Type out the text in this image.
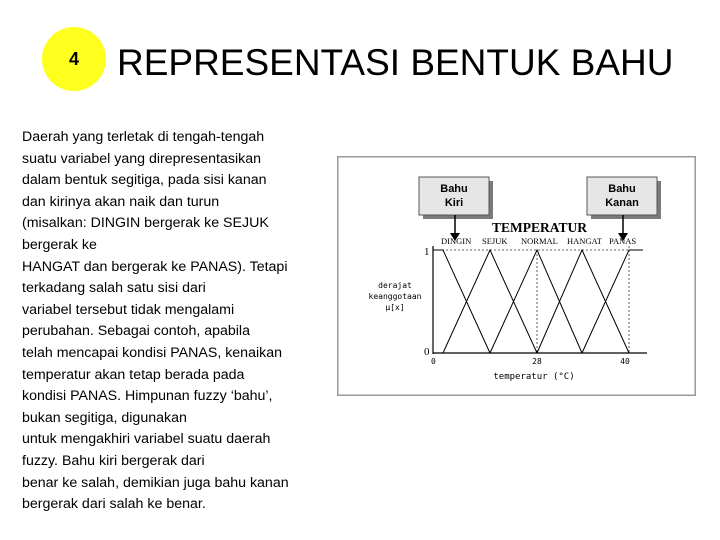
4 REPRESENTASI BENTUK BAHU
Daerah yang terletak di tengah-tengah
suatu variabel yang direpresentasikan
dalam bentuk segitiga, pada sisi kanan
dan kirinya akan naik dan turun
(misalkan: DINGIN bergerak ke SEJUK
bergerak ke
HANGAT dan bergerak ke PANAS). Tetapi
terkadang salah satu sisi dari
variabel tersebut tidak mengalami
perubahan. Sebagai contoh, apabila
telah mencapai kondisi PANAS, kenaikan
temperatur akan tetap berada pada
kondisi PANAS. Himpunan fuzzy ‘bahu’,
bukan segitiga, digunakan
untuk mengakhiri variabel suatu daerah
fuzzy. Bahu kiri bergerak dari
benar ke salah, demikian juga bahu kanan
bergerak dari salah ke benar.
Bahu
Kiri
Bahu
Kanan
TEMPERATUR
DINGIN SEJUK NORMAL HANGAT PANAS
derajat
keanggotaan
µ[x]
1
0
28	40
0
temperatur (°C)
